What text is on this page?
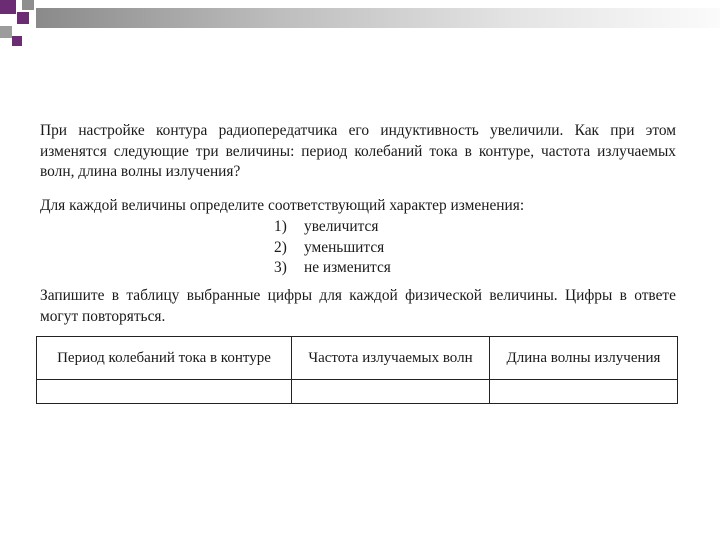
При настройке контура радиопередатчика его индуктивность увеличили. Как при этом изменятся следующие три величины: период колебаний тока в контуре, частота излучаемых волн, длина волны излучения?

Для каждой величины определите соответствующий характер изменения:

1)	увеличится
2)	уменьшится
3)	не изменится

Запишите в таблицу выбранные цифры для каждой физической величины. Цифры в ответе могут повторяться.

Период колебаний тока в контуре	Частота излучаемых волн	Длина волны излучения
